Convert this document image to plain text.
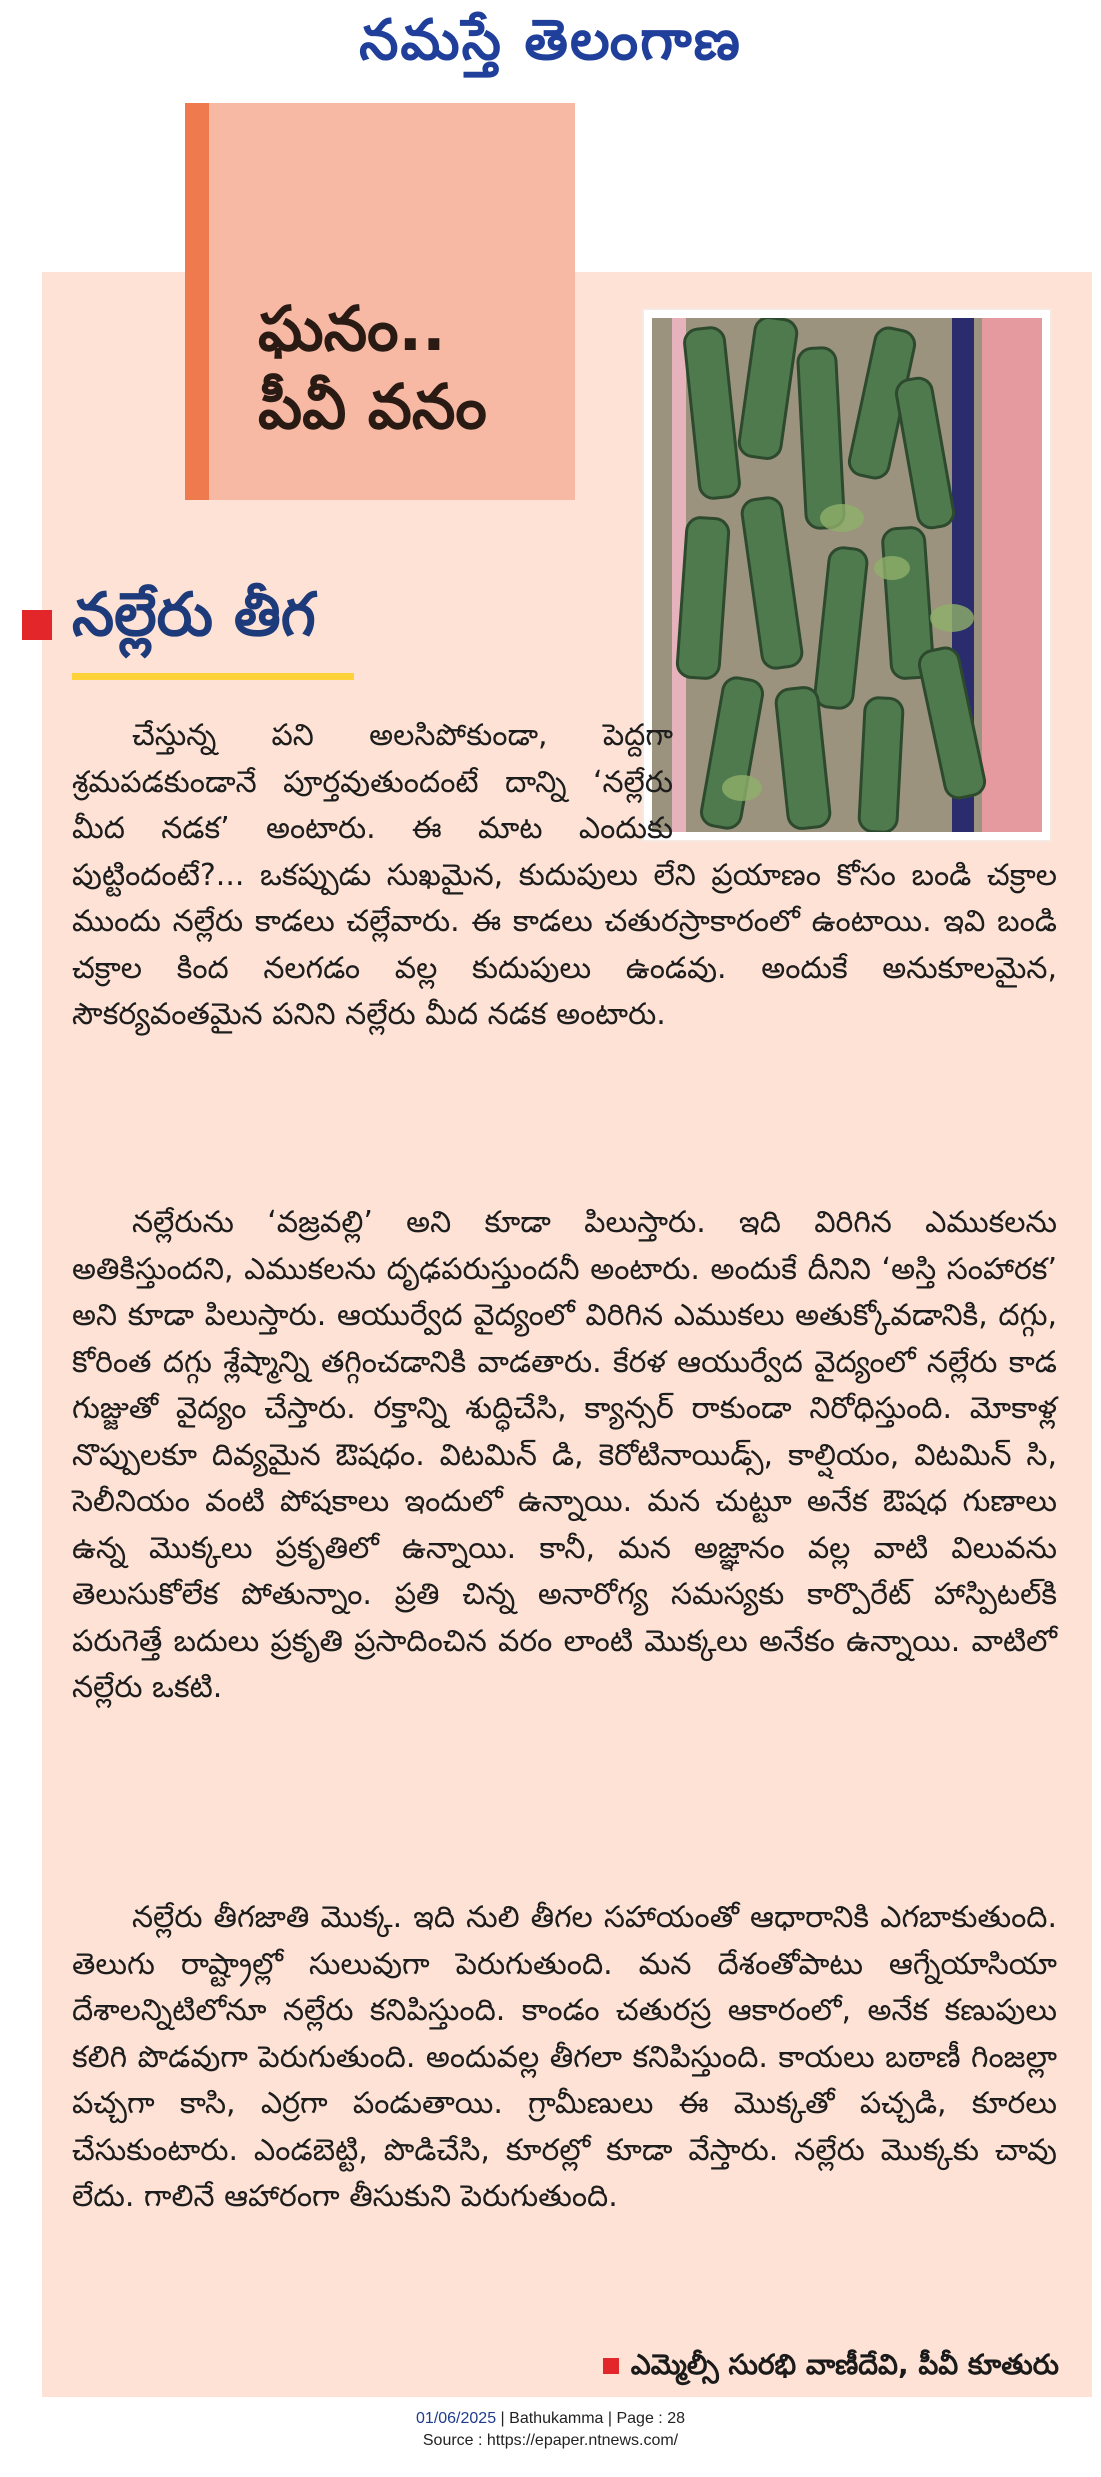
నమస్తే తెలంగాణ
ఘనం..
పీవీ వనం
నల్లేరు తీగ

చేస్తున్న పని అలసిపోకుండా, పెద్దగా శ్రమపడకుండానే పూర్తవుతుందంటే దాన్ని ‘నల్లేరు మీద నడక’ అంటారు. ఈ మాట ఎందుకు పుట్టిందంటే?... ఒకప్పుడు సుఖమైన, కుదుపులు లేని ప్రయాణం కోసం బండి చక్రాల ముందు నల్లేరు కాడలు చల్లేవారు. ఈ కాడలు చతురస్రాకారంలో ఉంటాయి. ఇవి బండి చక్రాల కింద నలగడం వల్ల కుదుపులు ఉండవు. అందుకే అనుకూలమైన, సౌకర్యవంతమైన పనిని నల్లేరు మీద నడక అంటారు.

నల్లేరును ‘వజ్రవల్లి’ అని కూడా పిలుస్తారు. ఇది విరిగిన ఎముకలను అతికిస్తుందని, ఎముకలను దృఢపరుస్తుందనీ అంటారు. అందుకే దీనిని ‘అస్తి సంహారక’ అని కూడా పిలుస్తారు. ఆయుర్వేద వైద్యంలో విరిగిన ఎముకలు అతుక్కోవడానికి, దగ్గు, కోరింత దగ్గు శ్లేష్మాన్ని తగ్గించడానికి వాడతారు. కేరళ ఆయుర్వేద వైద్యంలో నల్లేరు కాడ గుజ్జుతో వైద్యం చేస్తారు. రక్తాన్ని శుద్ధిచేసి, క్యాన్సర్ రాకుండా నిరోధిస్తుంది. మోకాళ్ల నొప్పులకూ దివ్యమైన ఔషధం. విటమిన్ డి, కెరోటినాయిడ్స్, కాల్షియం, విటమిన్ సి, సెలీనియం వంటి పోషకాలు ఇందులో ఉన్నాయి. మన చుట్టూ అనేక ఔషధ గుణాలు ఉన్న మొక్కలు ప్రకృతిలో ఉన్నాయి. కానీ, మన అజ్ఞానం వల్ల వాటి విలువను తెలుసుకోలేక పోతున్నాం. ప్రతి చిన్న అనారోగ్య సమస్యకు కార్పొరేట్ హాస్పిటల్‌కి పరుగెత్తే బదులు ప్రకృతి ప్రసాదించిన వరం లాంటి మొక్కలు అనేకం ఉన్నాయి. వాటిలో నల్లేరు ఒకటి.

నల్లేరు తీగజాతి మొక్క. ఇది నులి తీగల సహాయంతో ఆధారానికి ఎగబాకుతుంది. తెలుగు రాష్ట్రాల్లో సులువుగా పెరుగుతుంది. మన దేశంతోపాటు ఆగ్నేయాసియా దేశాలన్నిటిలోనూ నల్లేరు కనిపిస్తుంది. కాండం చతురస్ర ఆకారంలో, అనేక కణుపులు కలిగి పొడవుగా పెరుగుతుంది. అందువల్ల తీగలా కనిపిస్తుంది. కాయలు బఠాణీ గింజల్లా పచ్చగా కాసి, ఎర్రగా పండుతాయి. గ్రామీణులు ఈ మొక్కతో పచ్చడి, కూరలు చేసుకుంటారు. ఎండబెట్టి, పొడిచేసి, కూరల్లో కూడా వేస్తారు. నల్లేరు మొక్కకు చావు లేదు. గాలినే ఆహారంగా తీసుకుని పెరుగుతుంది.

ఎమ్మెల్సీ సురభి వాణీదేవి, పీవీ కూతురు
01/06/2025 | Bathukamma | Page : 28
Source : https://epaper.ntnews.com/
